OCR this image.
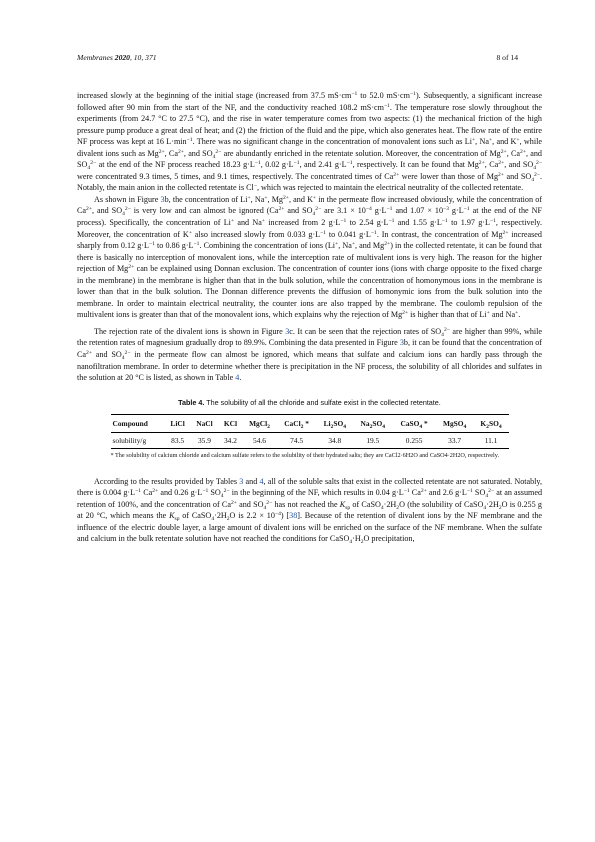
Membranes 2020, 10, 371	8 of 14

increased slowly at the beginning of the initial stage (increased from 37.5 $mS\cdot cm^{-1}$ to 52.0 $mS\cdot cm^{-1}$). Subsequently, a significant increase followed after 90 min from the start of the NF, and the conductivity reached 108.2 $mS\cdot cm^{-1}$. The temperature rose slowly throughout the experiments (from 24.7 °C to 27.5 °C), and the rise in water temperature comes from two aspects: (1) the mechanical friction of the high pressure pump produce a great deal of heat; and (2) the friction of the fluid and the pipe, which also generates heat. The flow rate of the entire NF process was kept at 16 $L\cdot\min^{-1}$. There was no significant change in the concentration of monovalent ions such as Li+, Na+, and K+, while divalent ions such as $Mg^{2+}$, $Ca^{2+}$, and $SO_4^{2-}$ are abundantly enriched in the retentate solution. Moreover, the concentration of $Mg^{2+}$, $Ca^{2+}$, and $SO_4^{2-}$ at the end of the NF process reached 18.23 $g\cdot L^{-1}$, 0.02 $g\cdot L^{-1}$, and 2.41 $g\cdot L^{-1}$, respectively. It can be found that $Mg^{2+}$, $Ca^{2+}$, and $SO_4^{2-}$ were concentrated 9.3 times, 5 times, and 9.1 times, respectively. The concentrated times of $Ca^{2+}$ were lower than those of $Mg^{2+}$ and $SO_4^{2-}$. Notably, the main anion in the collected retentate is Cl−, which was rejected to maintain the electrical neutrality of the collected retentate.

As shown in Figure 3b, the concentration of Li+, Na+, $Mg^{2+}$, and K+ in the permeate flow increased obviously, while the concentration of $Ca^{2+}$, and $SO_4^{2-}$ is very low and can almost be ignored ($Ca^{2+}$ and $SO_4^{2-}$ are $3.1 \times 10^{-4}$ $g\cdot L^{-1}$ and $1.07 \times 10^{-3}$ $g\cdot L^{-1}$ at the end of the NF process). Specifically, the concentration of Li+ and Na+ increased from 2 $g\cdot L^{-1}$ to 2.54 $g\cdot L^{-1}$ and 1.55 $g\cdot L^{-1}$ to 1.97 $g\cdot L^{-1}$, respectively. Moreover, the concentration of K+ also increased slowly from 0.033 $g\cdot L^{-1}$ to 0.041 $g\cdot L^{-1}$. In contrast, the concentration of $Mg^{2+}$ increased sharply from 0.12 $g\cdot L^{-1}$ to 0.86 $g\cdot L^{-1}$. Combining the concentration of ions (Li+, Na+, and $Mg^{2+}$) in the collected retentate, it can be found that there is basically no interception of monovalent ions, while the interception rate of multivalent ions is very high. The reason for the higher rejection of $Mg^{2+}$ can be explained using Donnan exclusion. The concentration of counter ions (ions with charge opposite to the fixed charge in the membrane) in the membrane is higher than that in the bulk solution, while the concentration of homonymous ions in the membrane is lower than that in the bulk solution. The Donnan difference prevents the diffusion of homonymic ions from the bulk solution into the membrane. In order to maintain electrical neutrality, the counter ions are also trapped by the membrane. The coulomb repulsion of the multivalent ions is greater than that of the monovalent ions, which explains why the rejection of $Mg^{2+}$ is higher than that of Li+ and Na+.

The rejection rate of the divalent ions is shown in Figure 3c. It can be seen that the rejection rates of $SO_4^{2-}$ are higher than 99%, while the retention rates of magnesium gradually drop to 89.9%. Combining the data presented in Figure 3b, it can be found that the concentration of $Ca^{2+}$ and $SO_4^{2-}$ in the permeate flow can almost be ignored, which means that sulfate and calcium ions can hardly pass through the nanofiltration membrane. In order to determine whether there is precipitation in the NF process, the solubility of all chlorides and sulfates in the solution at 20 °C is listed, as shown in Table 4.

Table 4. The solubility of all the chloride and sulfate exist in the collected retentate.
Compound	LiCl	NaCl	KCl	MgCl$_2$	CaCl$_2$ *	$Li_2SO_4$	$Na_2SO_4$	CaSO$_4$ *	MgSO$_4$	$K_2SO_4$
solubility/g	83.5	35.9	34.2	54.6	74.5	34.8	19.5	0.255	33.7	11.1
* The solubility of calcium chloride and calcium sulfate refers to the solubility of their hydrated salts; they are CaCl2·6H2O and CaSO4·2H2O, respectively.

According to the results provided by Tables 3 and 4, all of the soluble salts that exist in the collected retentate are not saturated. Notably, there is 0.004 $g\cdot L^{-1}$ $Ca^{2+}$ and 0.26 $g\cdot L^{-1}$ $SO_4^{2-}$ in the beginning of the NF, which results in 0.04 $g\cdot L^{-1}$ $Ca^{2+}$ and 2.6 $g\cdot L^{-1}$ $SO_4^{2-}$ at an assumed retention of 100%, and the concentration of $Ca^{2+}$ and $SO_4^{2-}$ has not reached the $K_{sp}$ of $CaSO_4\cdot 2H_2O$ (the solubility of $CaSO_4\cdot 2H_2O$ is 0.255 g at 20 °C, which means the $K_{sp}$ of $CaSO_4\cdot 2H_2O$ is $2.2 \times 10^{-4}$) [38]. Because of the retention of divalent ions by the NF membrane and the influence of the electric double layer, a large amount of divalent ions will be enriched on the surface of the NF membrane. When the sulfate and calcium in the bulk retentate solution have not reached the conditions for $CaSO_4\cdot H_2O$ precipitation,
